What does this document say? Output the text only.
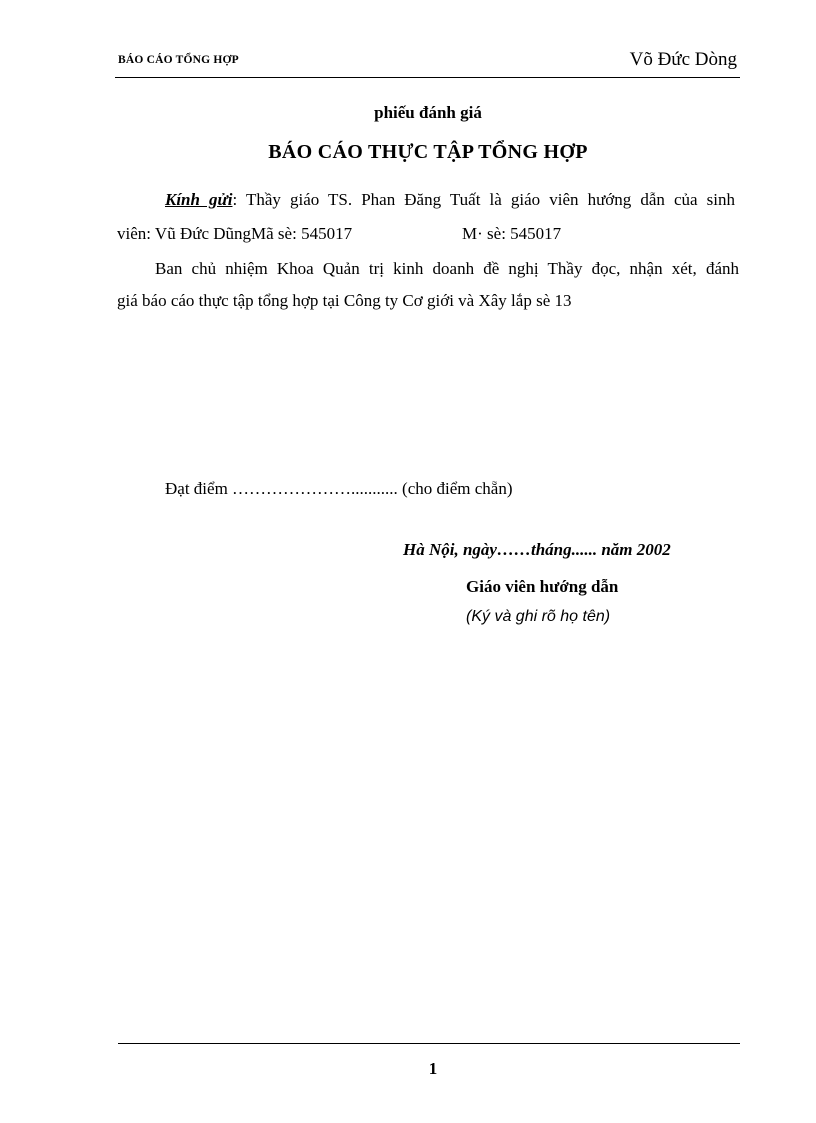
BÁO CÁO TỔNG HỢP	Võ Đức Dòng
phiếu đánh giá
BÁO CÁO THỰC TẬP TỔNG HỢP
Kính gửi: Thầy giáo TS. Phan Đăng Tuất là giáo viên hướng dẫn của sinh
viên: Vũ Đức DũngMã sè: 545017	M· sè: 545017
Ban chủ nhiệm Khoa Quản trị kinh doanh đề nghị Thầy đọc, nhận xét, đánh
giá báo cáo thực tập tổng hợp tại Công ty Cơ giới và Xây lắp sè 13
Đạt điểm …………………........... (cho điểm chẵn)
Hà Nội, ngày……tháng...... năm 2002
Giáo viên hướng dẫn
(Ký và ghi rõ họ tên)
1
